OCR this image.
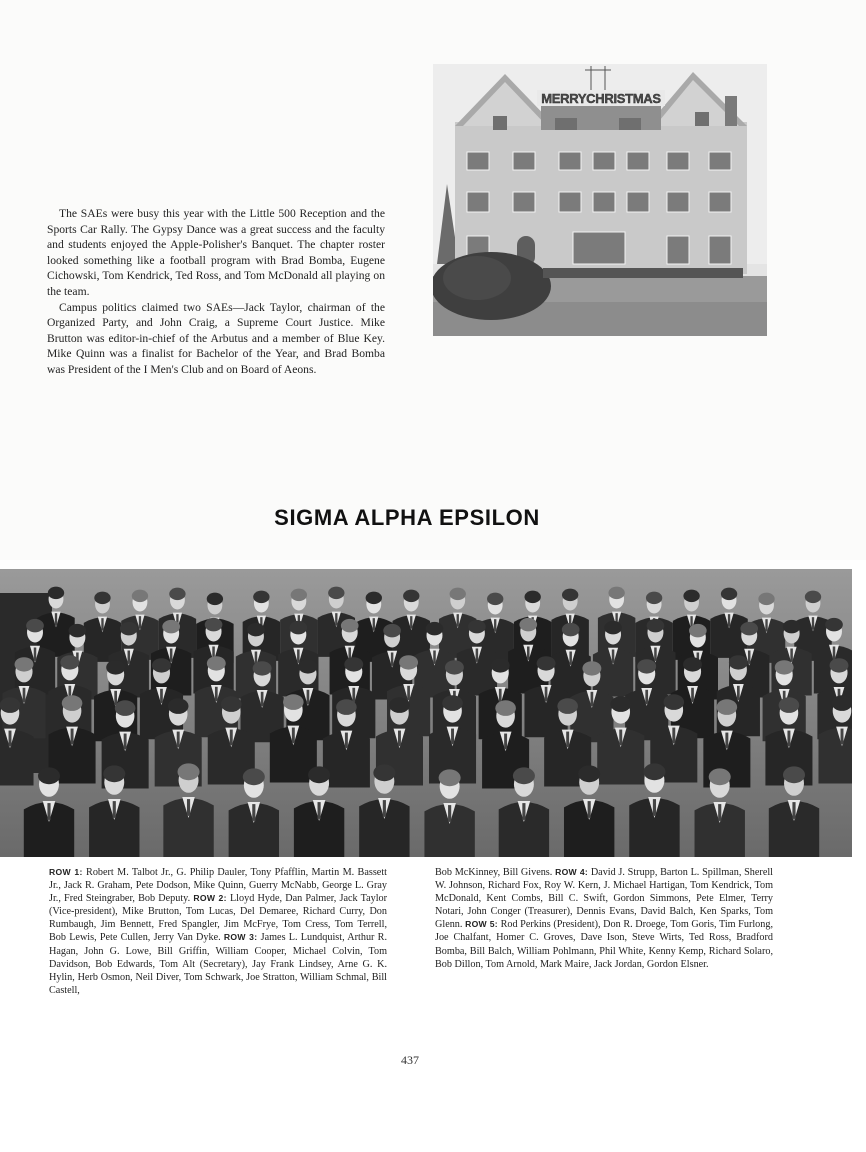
The SAEs were busy this year with the Little 500 Reception and the Sports Car Rally. The Gypsy Dance was a great success and the faculty and students enjoyed the Apple-Polisher's Banquet. The chapter roster looked something like a football program with Brad Bomba, Eugene Cichowski, Tom Kendrick, Ted Ross, and Tom McDonald all playing on the team.

Campus politics claimed two SAEs—Jack Taylor, chairman of the Organized Party, and John Craig, a Supreme Court Justice. Mike Brutton was editor-in-chief of the Arbutus and a member of Blue Key. Mike Quinn was a finalist for Bachelor of the Year, and Brad Bomba was President of the I Men's Club and on Board of Aeons.

MERRYCHRISTMAS
SIGMA ALPHA EPSILON

ROW 1: Robert M. Talbot Jr., G. Philip Dauler, Tony Pfafflin, Martin M. Bassett Jr., Jack R. Graham, Pete Dodson, Mike Quinn, Guerry McNabb, George L. Gray Jr., Fred Steingraber, Bob Deputy. ROW 2: Lloyd Hyde, Dan Palmer, Jack Taylor (Vice-president), Mike Brutton, Tom Lucas, Del Demaree, Richard Curry, Don Rumbaugh, Jim Bennett, Fred Spangler, Jim McFrye, Tom Cress, Tom Terrell, Bob Lewis, Pete Cullen, Jerry Van Dyke. ROW 3: James L. Lundquist, Arthur R. Hagan, John G. Lowe, Bill Griffin, William Cooper, Michael Colvin, Tom Davidson, Bob Edwards, Tom Alt (Secretary), Jay Frank Lindsey, Arne G. K. Hylin, Herb Osmon, Neil Diver, Tom Schwark, Joe Stratton, William Schmal, Bill Castell,

Bob McKinney, Bill Givens. ROW 4: David J. Strupp, Barton L. Spillman, Sherell W. Johnson, Richard Fox, Roy W. Kern, J. Michael Hartigan, Tom Kendrick, Tom McDonald, Kent Combs, Bill C. Swift, Gordon Simmons, Pete Elmer, Terry Notari, John Conger (Treasurer), Dennis Evans, David Balch, Ken Sparks, Tom Glenn. ROW 5: Rod Perkins (President), Don R. Droege, Tom Goris, Tim Furlong, Joe Chalfant, Homer C. Groves, Dave Ison, Steve Wirts, Ted Ross, Bradford Bomba, Bill Balch, William Pohlmann, Phil White, Kenny Kemp, Richard Solaro, Bob Dillon, Tom Arnold, Mark Maire, Jack Jordan, Gordon Elsner.

437
